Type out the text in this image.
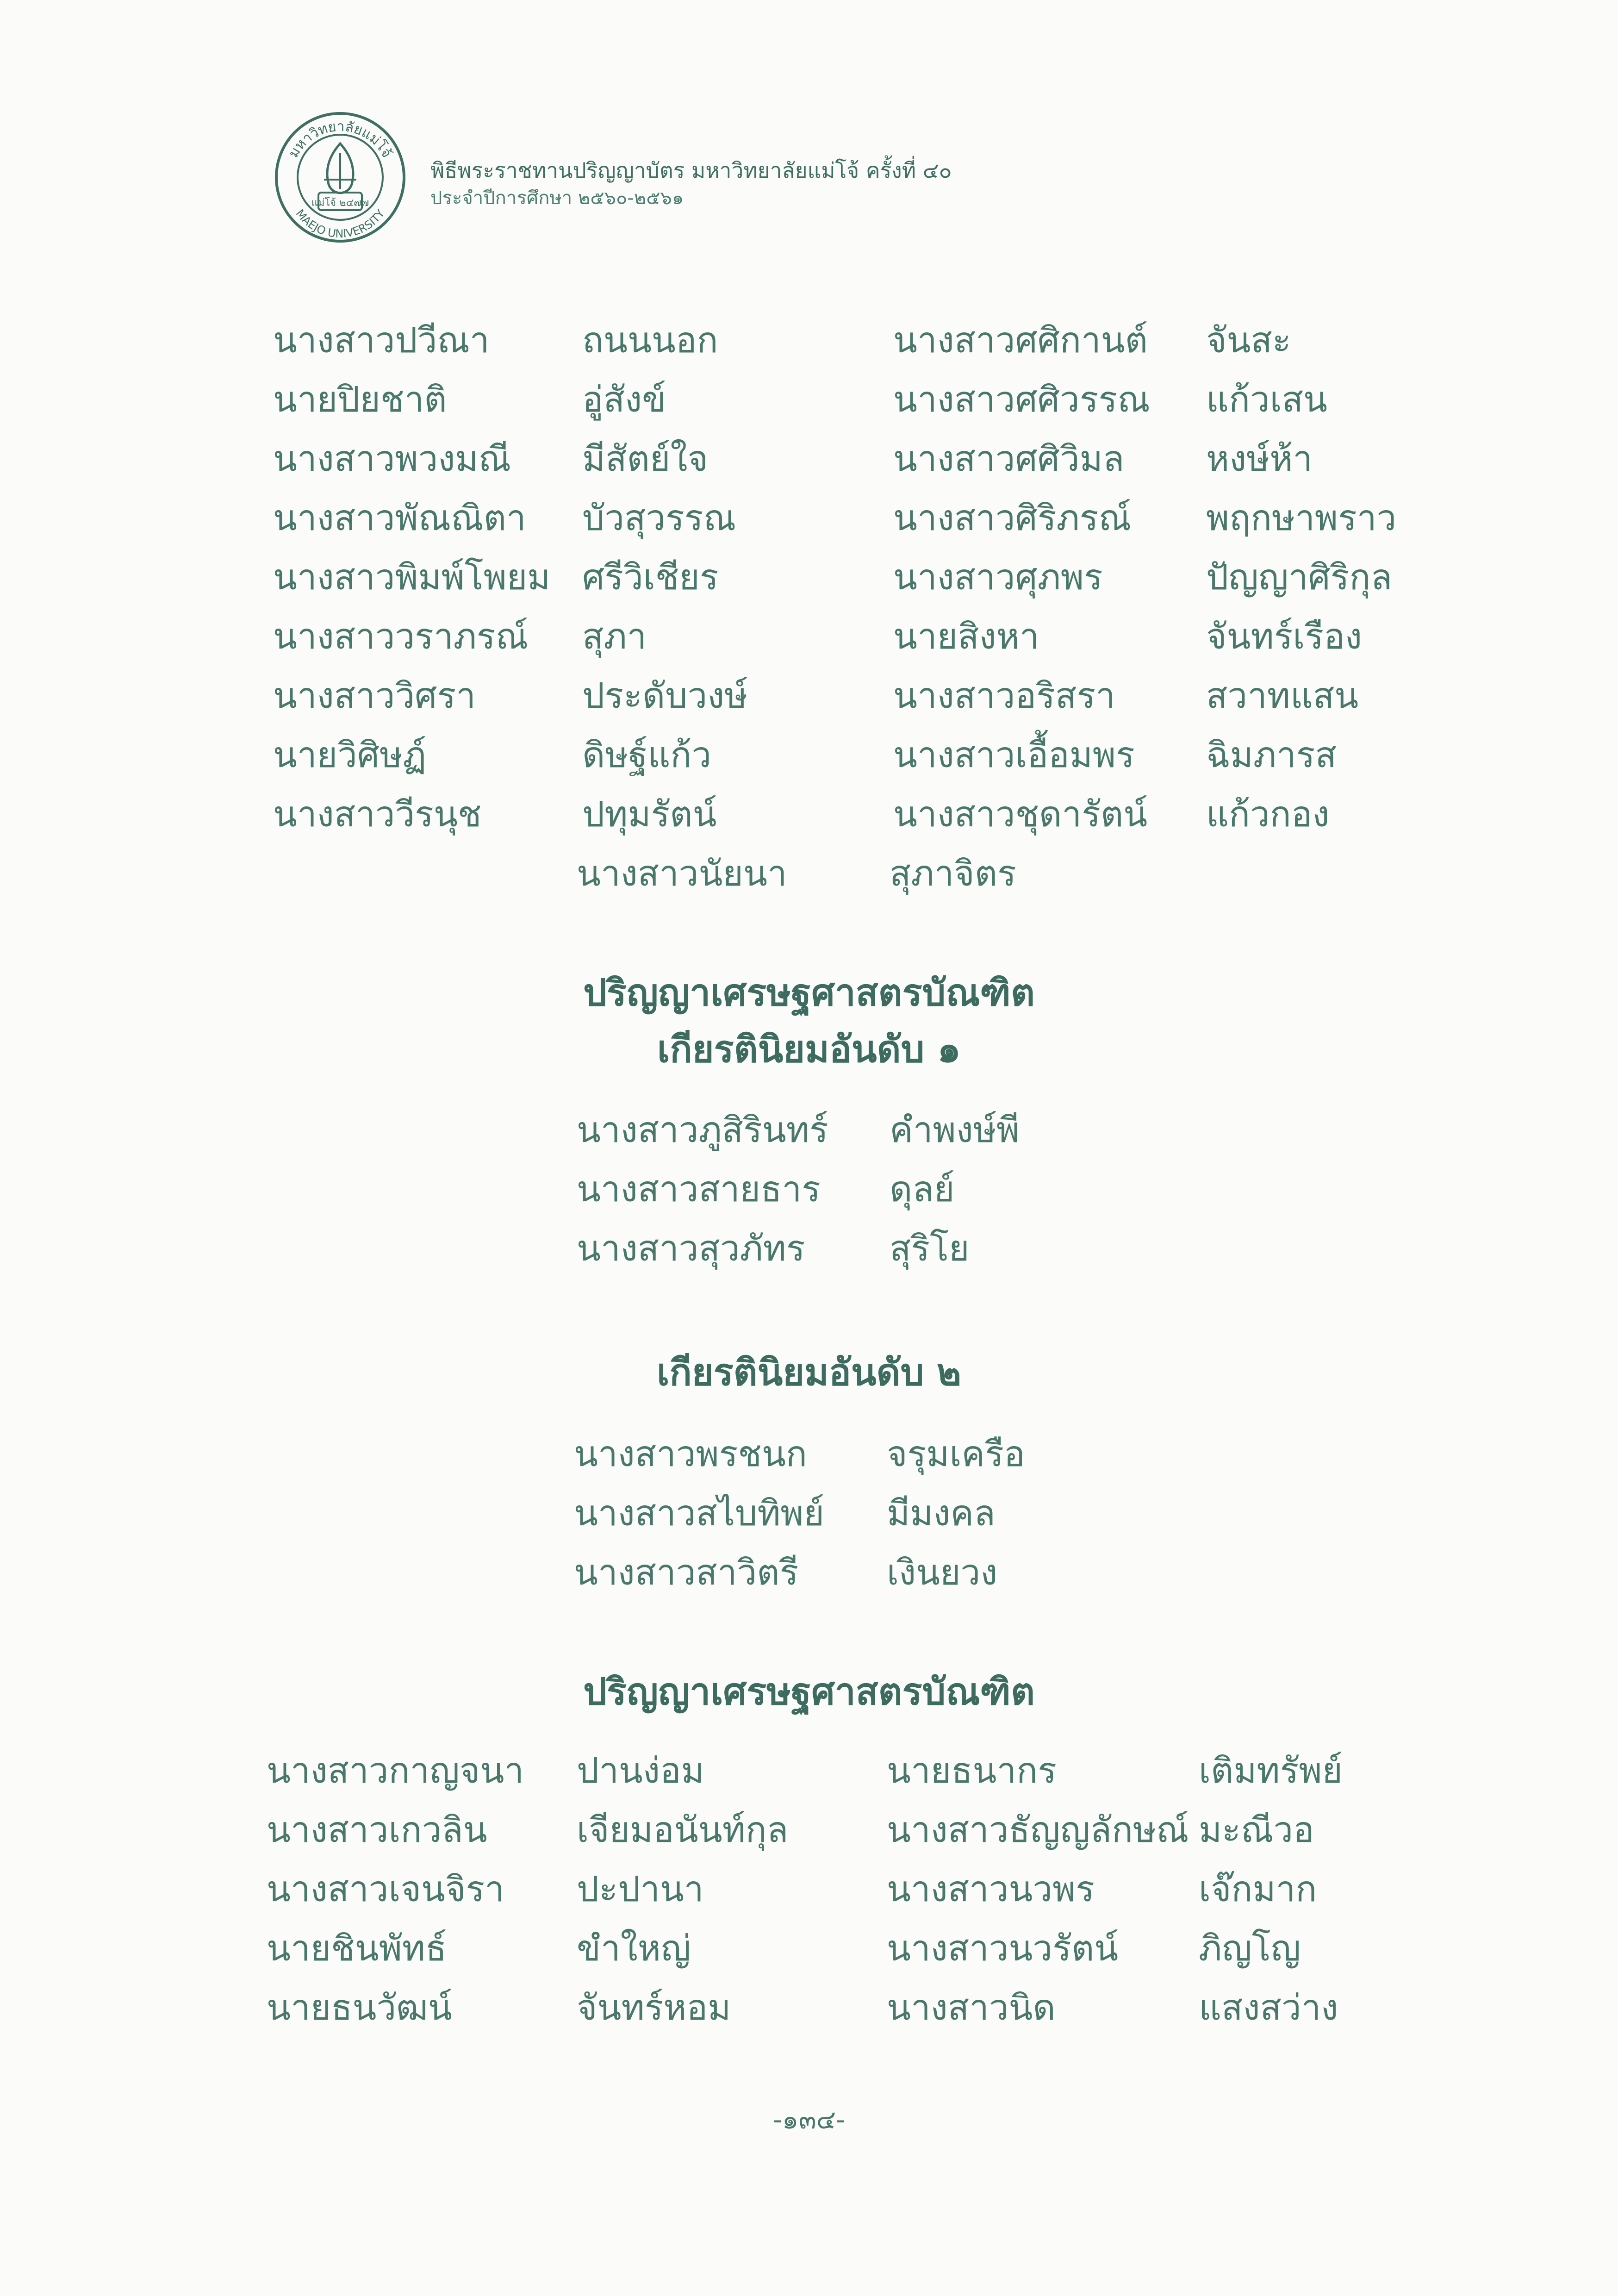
แม่โจ้ ๒๔๗๗
มหาวิทยาลัยแม่โจ้
MAEJO UNIVERSITY
พิธีพระราชทานปริญญาบัตร มหาวิทยาลัยแม่โจ้ ครั้งที่ ๔๐
ประจำปีการศึกษา ๒๕๖๐-๒๕๖๑
นางสาวปวีณา	ถนนนอก	นางสาวศศิกานต์ จันสะ
นายปิยชาติ	อู่สังข์	นางสาวศศิวรรณ แก้วเสน
นางสาวพวงมณี มีสัตย์ใจ	นางสาวศศิวิมล หงษ์ห้า
นางสาวพัณณิตา บัวสุวรรณ	นางสาวศิริภรณ์ พฤกษาพราว
นางสาวพิมพ์โพยม ศรีวิเชียร	นางสาวศุภพร	ปัญญาศิริกุล
นางสาววราภรณ์ สุภา	นายสิงหา	จันทร์เรือง
นางสาววิศรา	ประดับวงษ์	นางสาวอริสรา	สวาทแสน
นายวิศิษฏ์	ดิษฐ์แก้ว	นางสาวเอื้อมพร ฉิมภารส
นางสาววีรนุช	ปทุมรัตน์	นางสาวชุดารัตน์ แก้วกอง
นางสาวนัยนา	สุภาจิตร
ปริญญาเศรษฐศาสตรบัณฑิต
เกียรตินิยมอันดับ ๑
นางสาวภูสิรินทร์ คำพงษ์พี
นางสาวสายธาร ดุลย์
นางสาวสุวภัทร สุริโย
เกียรตินิยมอันดับ ๒
นางสาวพรชนก จรุมเครือ
นางสาวสไบทิพย์ มีมงคล
นางสาวสาวิตรี	เงินยวง
ปริญญาเศรษฐศาสตรบัณฑิต
นางสาวกาญจนา ปานง่อม	นายธนากร	เติมทรัพย์
นางสาวเกวลิน	เจียมอนันท์กุล	นางสาวธัญญลักษณ์ มะณีวอ
นางสาวเจนจิรา ปะปานา	นางสาวนวพร	เจ๊กมาก
นายชินพัทธ์	ขำใหญ่	นางสาวนวรัตน์ ภิญโญ
นายธนวัฒน์	จันทร์หอม	นางสาวนิด	แสงสว่าง
-๑๓๔-
